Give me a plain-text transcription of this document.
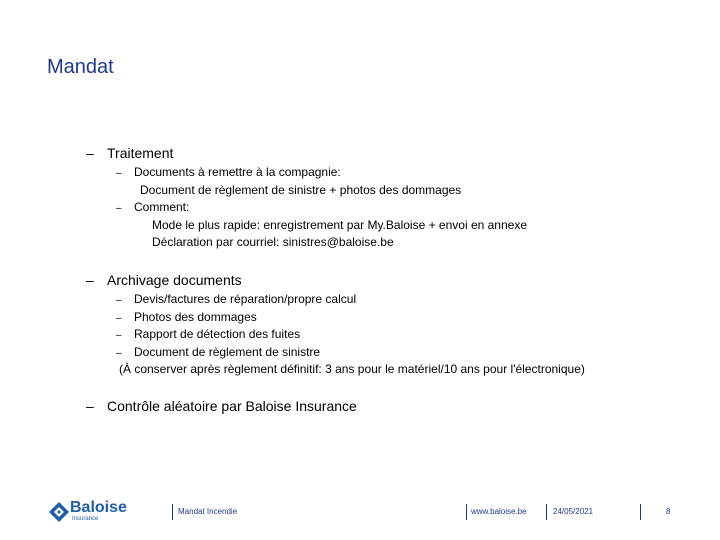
Mandat
– Traitement
–	Documents à remettre à la compagnie:
Document de règlement de sinistre + photos des dommages
–	Comment:
Mode le plus rapide: enregistrement par My.Baloise + envoi en annexe
Déclaration par courriel: sinistres@baloise.be
– Archivage documents
–	Devis/factures de réparation/propre calcul
–	Photos des dommages
–	Rapport de détection des fuites
–	Document de règlement de sinistre
(À conserver après règlement définitif: 3 ans pour le matériel/10 ans pour l'électronique)
– Contrôle aléatoire par Baloise Insurance
Baloise
Insurance
Mandat Incendie	www.baloise.be	24/05/2021	8
